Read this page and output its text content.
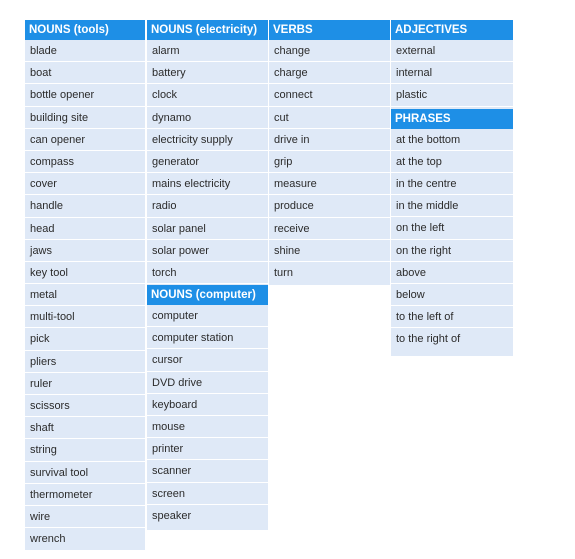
NOUNS (tools)
blade
boat
bottle opener
building site
can opener
compass
cover
handle
head
jaws
key tool
metal
multi-tool
pick
pliers
ruler
scissors
shaft
string
survival tool
thermometer
wire
wrench
NOUNS (electricity)
alarm
battery
clock
dynamo
electricity supply
generator
mains electricity
radio
solar panel
solar power
torch
NOUNS (computer)
computer
computer station
cursor
DVD drive
keyboard
mouse
printer
scanner
screen
speaker
VERBS
change
charge
connect
cut
drive in
grip
measure
produce
receive
shine
turn
ADJECTIVES
external
internal
plastic
PHRASES
at the bottom
at the top
in the centre
in the middle
on the left
on the right
above
below
to the left of
to the right of
